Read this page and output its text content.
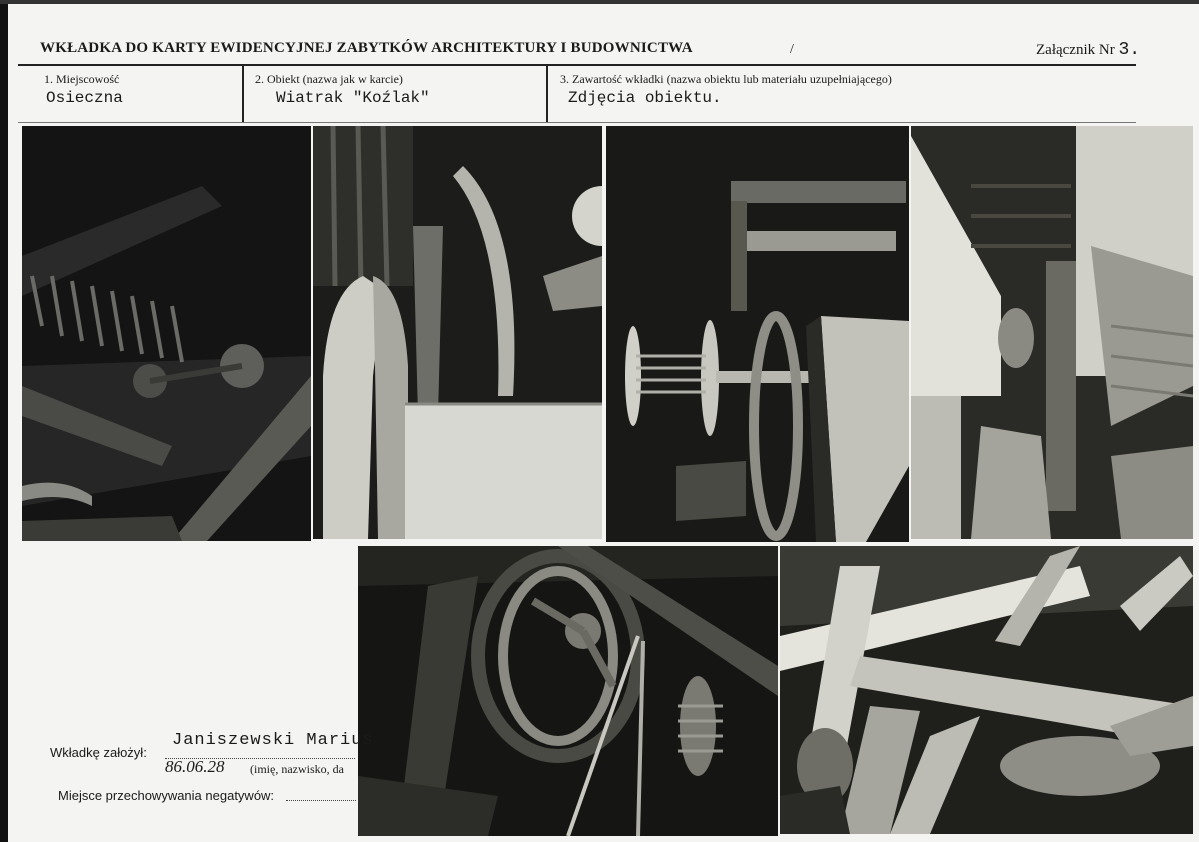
WKŁADKA DO KARTY EWIDENCYJNEJ ZABYTKÓW ARCHITEKTURY I BUDOWNICTWA	/	Załącznik Nr 3.
1. Miejscowość
Osieczna
2. Obiekt (nazwa jak w karcie)
Wiatrak "Koźlak"
3. Zawartość wkładki (nazwa obiektu lub materiału uzupełniającego)
Zdjęcia obiektu.
Janiszewski Marius
Wkładkę założył:
86.06.28 (imię, nazwisko, da
Miejsce przechowywania negatywów:
